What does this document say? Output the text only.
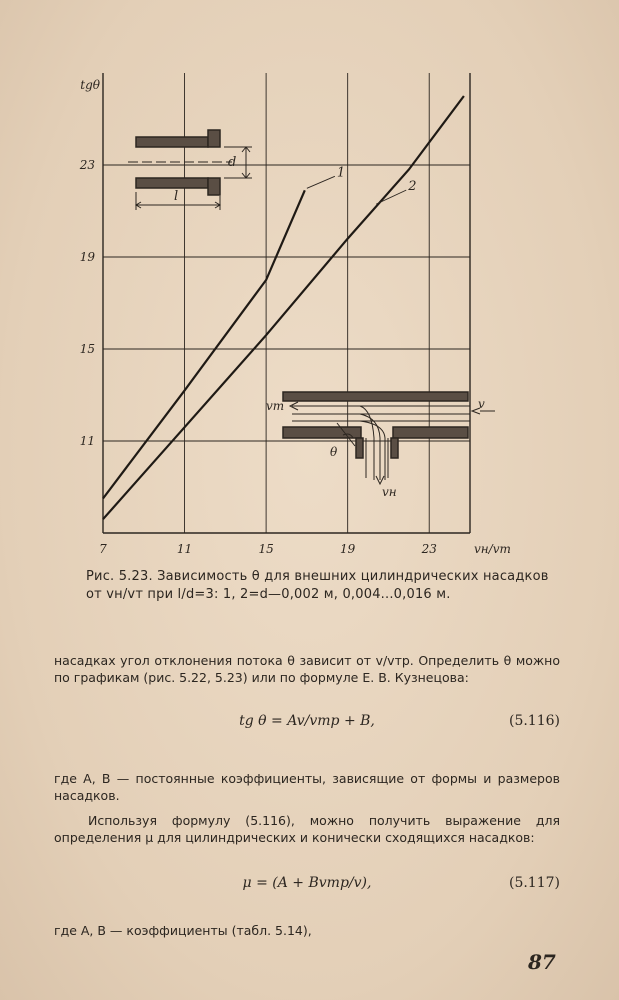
d
l
vт	v
θ
vн
7	11	15	19	23
11
15
19
23
tgθ
vн/vт
1
2
Рис. 5.23. Зависимость θ для внешних цилиндрических насадков от vн/vт при l/d=3: 1, 2=d—0,002 м, 0,004...0,016 м.
насадках угол отклонения потока θ зависит от v/vтр. Определить θ можно по графикам (рис. 5.22, 5.23) или по формуле Е. В. Кузнецова:
tg θ = Av/vтр + B,	(5.116)
где A, B — постоянные коэффициенты, зависящие от формы и размеров насадков.
Используя формулу (5.116), можно получить выражение для определения μ для цилиндрических и конически сходящихся насадков:
μ = (A + Bvтр/v),	(5.117)
где A, B — коэффициенты (табл. 5.14),
87
